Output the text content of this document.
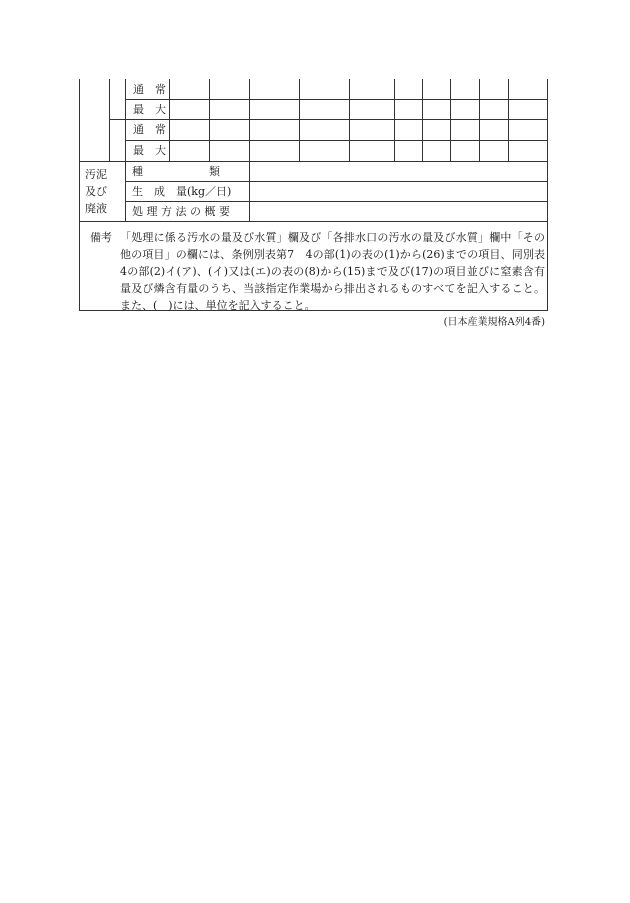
通　常
最　大
通　常
最　大
汚泥
及び
廃液
種　　　　　　類
生　成　量(kg／日)
処 理 方 法 の 概 要
備考 「処理に係る汚水の量及び水質」欄及び「各排水口の汚水の量及び水質」欄中「その他の項目」の欄には、条例別表第7　4の部(1)の表の(1)から(26)までの項目、同別表　4の部(2)イ(ア)、(イ)又は(エ)の表の(8)から(15)まで及び(17)の項目並びに窒素含有量及び燐含有量のうち、当該指定作業場から排出されるものすべてを記入すること。また、(　)には、単位を記入すること。
(日本産業規格A列4番)
